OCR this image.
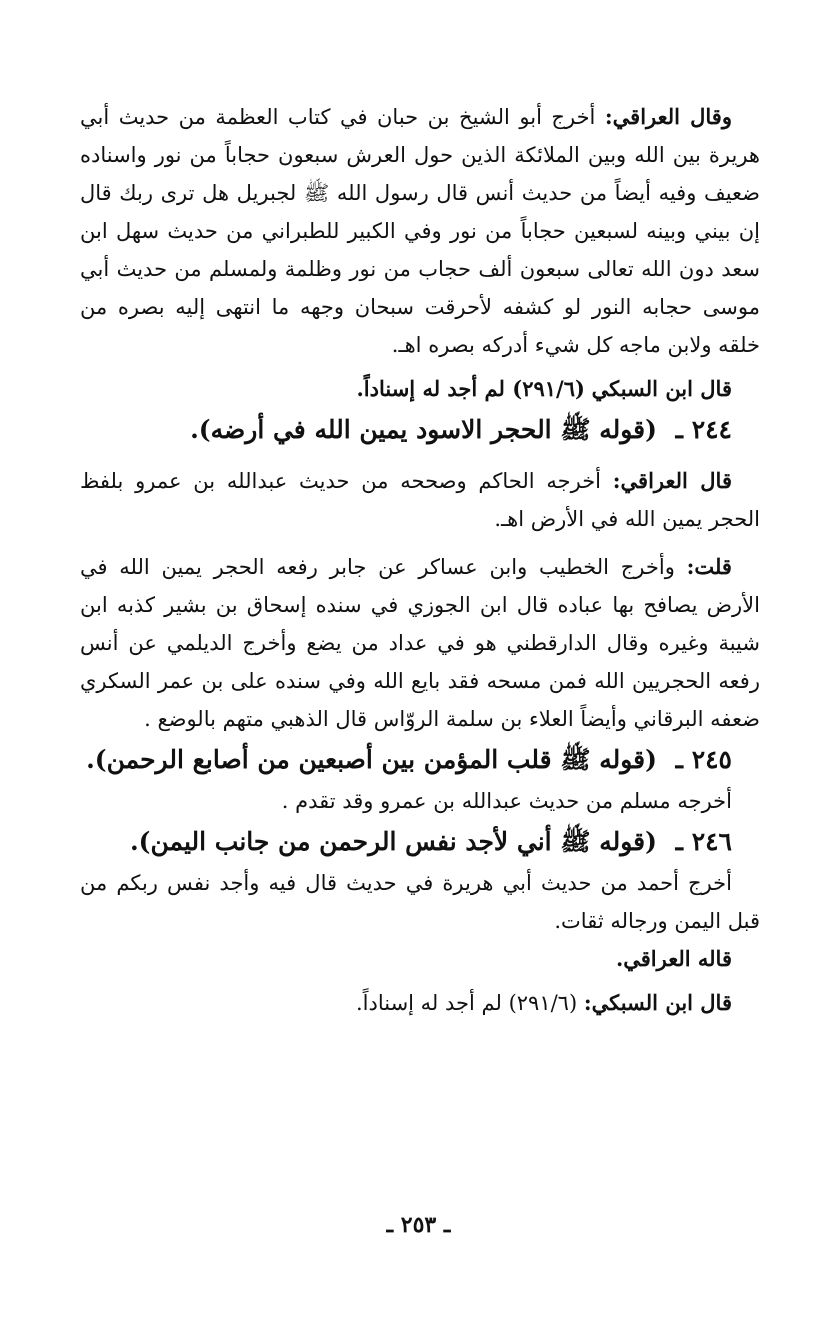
وقال العراقي: أخرج أبو الشيخ بن حبان في كتاب العظمة من حديث أبي هريرة بين الله وبين الملائكة الذين حول العرش سبعون حجاباً من نور واسناده ضعيف وفيه أيضاً من حديث أنس قال رسول الله ﷺ لجبريل هل ترى ربك قال إن بيني وبينه لسبعين حجاباً من نور وفي الكبير للطبراني من حديث سهل ابن سعد دون الله تعالى سبعون ألف حجاب من نور وظلمة ولمسلم من حديث أبي موسى حجابه النور لو كشفه لأحرقت سبحان وجهه ما انتهى إليه بصره من خلقه ولابن ماجه كل شيء أدركه بصره اهـ.

قال ابن السبكي (٢٩١/٦) لم أجد له إسناداً.

٢٤٤ ـ (قوله ﷺ الحجر الاسود يمين الله في أرضه).

قال العراقي: أخرجه الحاكم وصححه من حديث عبدالله بن عمرو بلفظ الحجر يمين الله في الأرض اهـ.

قلت: وأخرج الخطيب وابن عساكر عن جابر رفعه الحجر يمين الله في الأرض يصافح بها عباده قال ابن الجوزي في سنده إسحاق بن بشير كذبه ابن شيبة وغيره وقال الدارقطني هو في عداد من يضع وأخرج الديلمي عن أنس رفعه الحجريين الله فمن مسحه فقد بايع الله وفي سنده على بن عمر السكري ضعفه البرقاني وأيضاً العلاء بن سلمة الروّاس قال الذهبي متهم بالوضع .

٢٤٥ ـ (قوله ﷺ قلب المؤمن بين أصبعين من أصابع الرحمن).

أخرجه مسلم من حديث عبدالله بن عمرو وقد تقدم .

٢٤٦ ـ (قوله ﷺ أني لأجد نفس الرحمن من جانب اليمن).

أخرج أحمد من حديث أبي هريرة في حديث قال فيه وأجد نفس ربكم من قبل اليمن ورجاله ثقات.

قاله العراقي.

قال ابن السبكي: (٢٩١/٦) لم أجد له إسناداً.

ـ ٢٥٣ ـ
